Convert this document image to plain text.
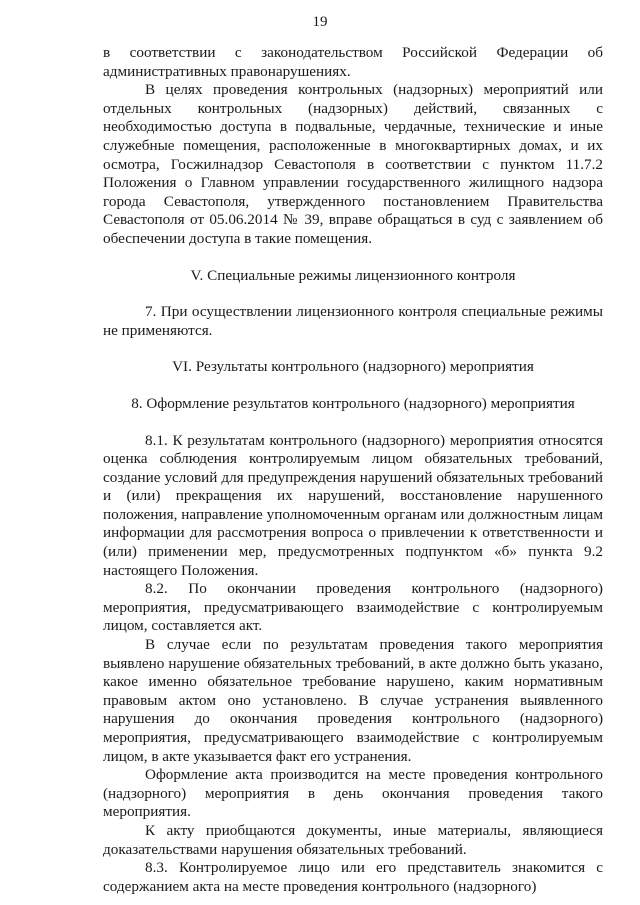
19

в соответствии с законодательством Российской Федерации об административных правонарушениях.

В целях проведения контрольных (надзорных) мероприятий или отдельных контрольных (надзорных) действий, связанных с необходимостью доступа в подвальные, чердачные, технические и иные служебные помещения, расположенные в многоквартирных домах, и их осмотра, Госжилнадзор Севастополя в соответствии с пунктом 11.7.2 Положения о Главном управлении государственного жилищного надзора города Севастополя, утвержденного постановлением Правительства Севастополя от 05.06.2014 № 39, вправе обращаться в суд с заявлением об обеспечении доступа в такие помещения.

V. Специальные режимы лицензионного контроля

7. При осуществлении лицензионного контроля специальные режимы не применяются.

VI. Результаты контрольного (надзорного) мероприятия

8. Оформление результатов контрольного (надзорного) мероприятия

8.1. К результатам контрольного (надзорного) мероприятия относятся оценка соблюдения контролируемым лицом обязательных требований, создание условий для предупреждения нарушений обязательных требований и (или) прекращения их нарушений, восстановление нарушенного положения, направление уполномоченным органам или должностным лицам информации для рассмотрения вопроса о привлечении к ответственности и (или) применении мер, предусмотренных подпунктом «б» пункта 9.2 настоящего Положения.

8.2. По окончании проведения контрольного (надзорного) мероприятия, предусматривающего взаимодействие с контролируемым лицом, составляется акт.

В случае если по результатам проведения такого мероприятия выявлено нарушение обязательных требований, в акте должно быть указано, какое именно обязательное требование нарушено, каким нормативным правовым актом оно установлено. В случае устранения выявленного нарушения до окончания проведения контрольного (надзорного) мероприятия, предусматривающего взаимодействие с контролируемым лицом, в акте указывается факт его устранения.

Оформление акта производится на месте проведения контрольного (надзорного) мероприятия в день окончания проведения такого мероприятия.

К акту приобщаются документы, иные материалы, являющиеся доказательствами нарушения обязательных требований.

8.3. Контролируемое лицо или его представитель знакомится с содержанием акта на месте проведения контрольного (надзорного)
